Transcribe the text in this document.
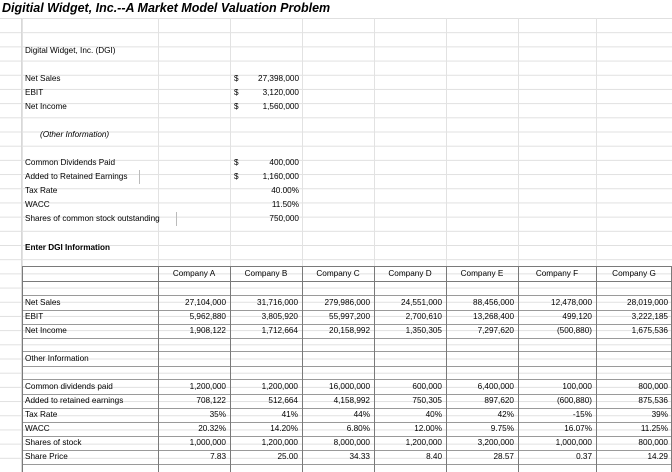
Digitial Widget, Inc.--A Market Model Valuation Problem
Digital Widget, Inc. (DGI)
(Other Information)
Enter DGI Information
Other Information
Net Sales	$	27,398,000
EBIT	$	3,120,000
Net Income	$	1,560,000
Common Dividends Paid	$	400,000
Added to Retained Earnings	$	1,160,000
Tax Rate	40.00%
WACC	11.50%
Shares of common stock outstanding	750,000
Company A	Company B	Company C	Company D	Company E	Company F	Company G
Net Sales	27,104,000	31,716,000	279,986,000	24,551,000	88,456,000	12,478,000	28,019,000
EBIT	5,962,880	3,805,920	55,997,200	2,700,610	13,268,400	499,120	3,222,185
Net Income	1,908,122	1,712,664	20,158,992	1,350,305	7,297,620	(500,880)	1,675,536
Common dividends paid	1,200,000	1,200,000	16,000,000	600,000	6,400,000	100,000	800,000
Added to retained earnings	708,122	512,664	4,158,992	750,305	897,620	(600,880)	875,536
Tax Rate	35%	41%	44%	40%	42%	-15%	39%
WACC	20.32%	14.20%	6.80%	12.00%	9.75%	16.07%	11.25%
Shares of stock	1,000,000	1,200,000	8,000,000	1,200,000	3,200,000	1,000,000	800,000
Share Price	7.83	25.00	34.33	8.40	28.57	0.37	14.29
